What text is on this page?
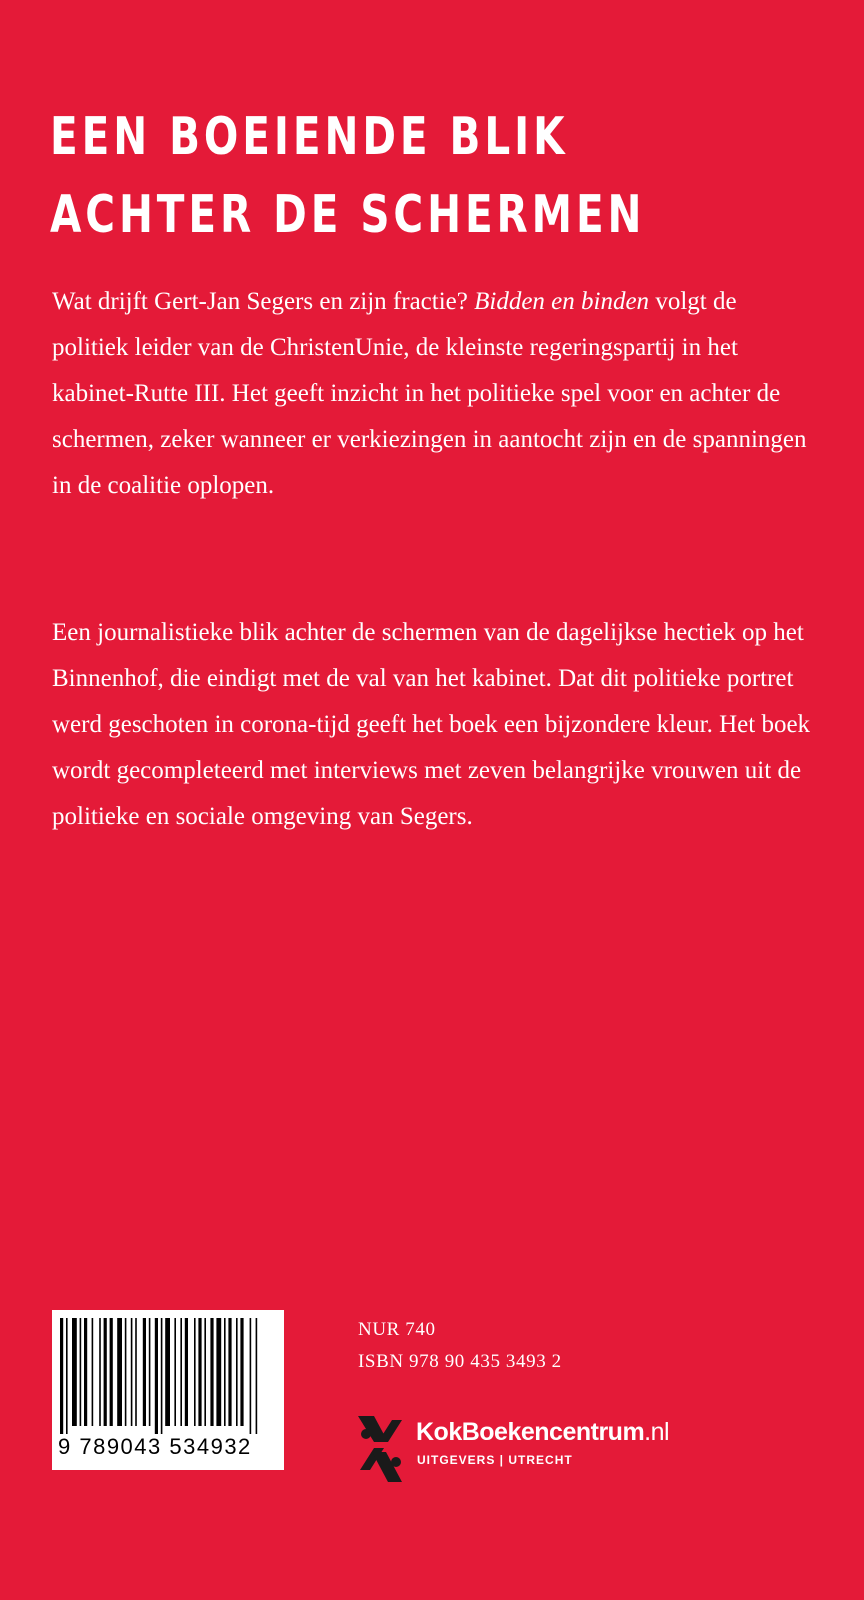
EEN BOEIENDE BLIK
ACHTER DE SCHERMEN

Wat drijft Gert-Jan Segers en zijn fractie? Bidden en binden volgt de politiek leider van de ChristenUnie, de kleinste regeringspartij in het kabinet-Rutte III. Het geeft inzicht in het politieke spel voor en achter de schermen, zeker wanneer er verkiezingen in aantocht zijn en de spanningen in de coalitie oplopen.

Een journalistieke blik achter de schermen van de dagelijkse hectiek op het Binnenhof, die eindigt met de val van het kabinet. Dat dit politieke portret werd geschoten in corona-tijd geeft het boek een bijzondere kleur. Het boek wordt gecompleteerd met interviews met zeven belangrijke vrouwen uit de politieke en sociale omgeving van Segers.

9 789043 534932
NUR 740
ISBN 978 90 435 3493 2
KokBoekencentrum.nl
UITGEVERS | UTRECHT
